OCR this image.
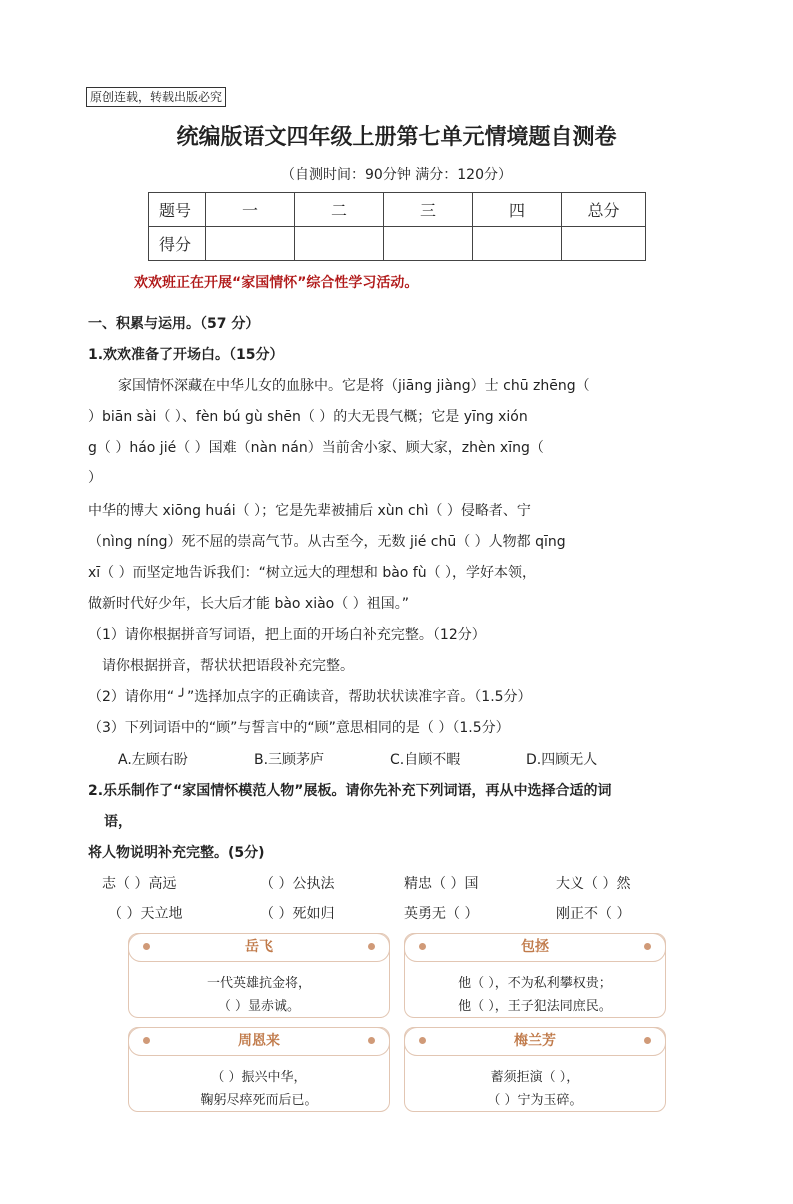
原创连载，转载出版必究
统编版语文四年级上册第七单元情境题自测卷
（自测时间：90分钟 满分：120分）
题号	一	二	三	四	总分
得分					
欢欢班正在开展“家国情怀”综合性学习活动。
一、积累与运用。（57 分）
1.欢欢准备了开场白。（15分）
家国情怀深藏在中华儿女的血脉中。它是将（jiāng jiàng）士 chū zhēng（
）biān sài（ ）、fèn bú gù shēn（ ）的大无畏气概；它是 yīng xión
g（ ）háo jié（ ）国难（nàn nán）当前舍小家、顾大家，zhèn xīng（
）
中华的博大 xiōng huái（ ）；它是先辈被捕后 xùn chì（ ）侵略者、宁
（nìng níng）死不屈的崇高气节。从古至今，无数 jié chū（ ）人物都 qīng
xī（ ）而坚定地告诉我们：“树立远大的理想和 bào fù（ ），学好本领，
做新时代好少年，长大后才能 bào xiào（ ）祖国。”
（1）请你根据拼音写词语，把上面的开场白补充完整。（12分）
请你根据拼音，帮状状把语段补充完整。
（2）请你用“ ╯”选择加点字的正确读音，帮助状状读准字音。（1.5分）
（3）下列词语中的“顾”与誓言中的“顾”意思相同的是（ ）（1.5分）
A.左顾右盼	B.三顾茅庐	C.自顾不暇	D.四顾无人
2.乐乐制作了“家国情怀模范人物”展板。请你先补充下列词语，再从中选择合适的词
语，
将人物说明补充完整。(5分)
志（ ）高远	（ ）公执法	精忠（ ）国	大义（ ）然
（ ）天立地	（ ）死如归	英勇无（ ）	刚正不（ ）
岳飞
一代英雄抗金将，
（ ）显赤诚。
包拯
他（ ），不为私利攀权贵；
他（ ），王子犯法同庶民。
周恩来
（ ）振兴中华，
鞠躬尽瘁死而后已。
梅兰芳
蓄须拒演（ ），
（ ）宁为玉碎。
